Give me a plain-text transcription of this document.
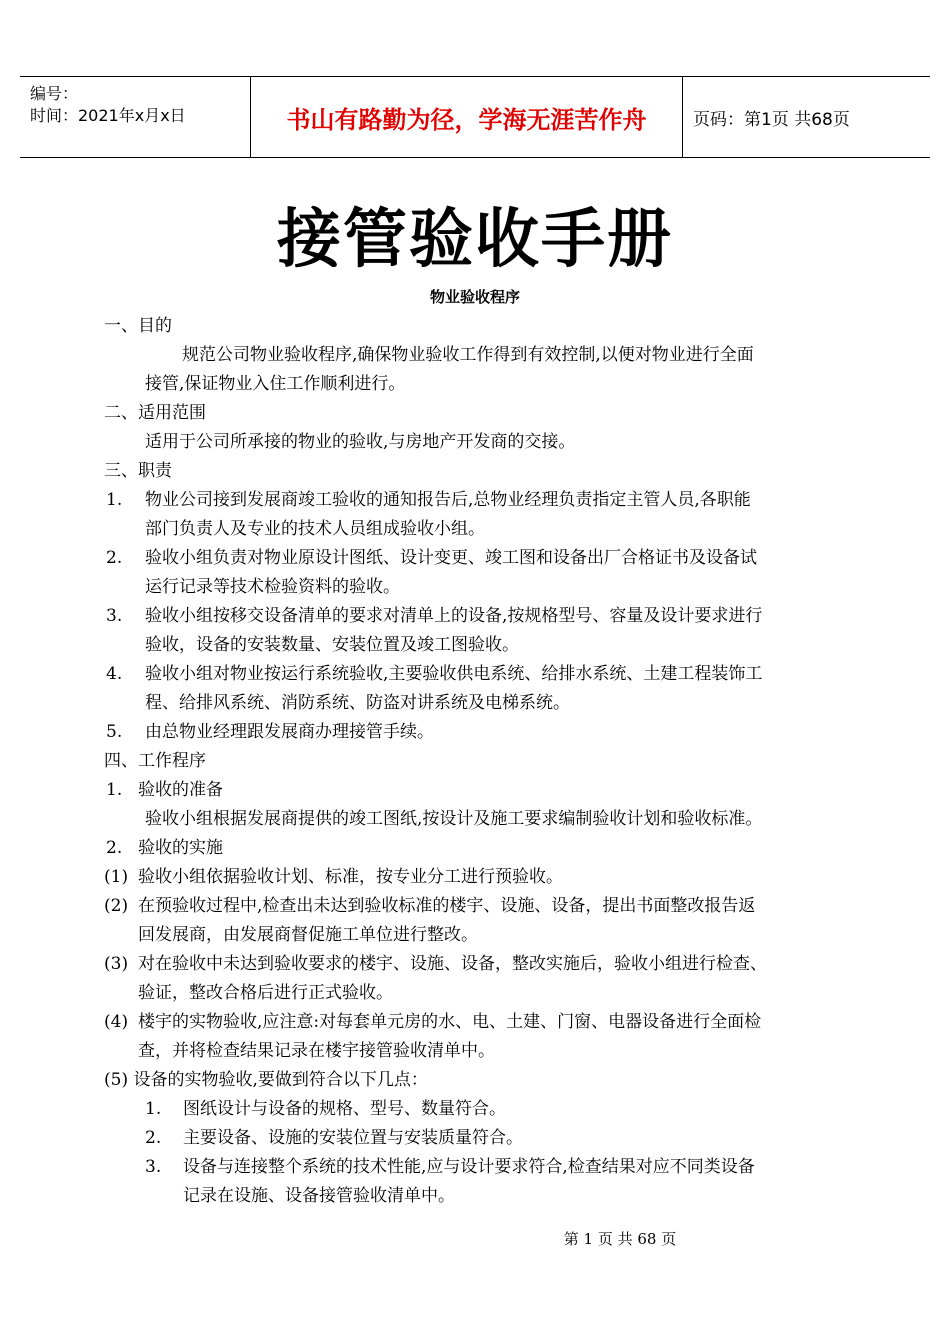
编号：
时间：2021年x月x日	书山有路勤为径，学海无涯苦作舟	页码：第1页 共68页
接管验收手册
物业验收程序
一、目的
规范公司物业验收程序,确保物业验收工作得到有效控制,以便对物业进行全面
接管,保证物业入住工作顺利进行。
二、适用范围
适用于公司所承接的物业的验收,与房地产开发商的交接。
三、职责
1. 物业公司接到发展商竣工验收的通知报告后,总物业经理负责指定主管人员,各职能
部门负责人及专业的技术人员组成验收小组。
2. 验收小组负责对物业原设计图纸、设计变更、竣工图和设备出厂合格证书及设备试
运行记录等技术检验资料的验收。
3. 验收小组按移交设备清单的要求对清单上的设备,按规格型号、容量及设计要求进行
验收，设备的安装数量、安装位置及竣工图验收。
4. 验收小组对物业按运行系统验收,主要验收供电系统、给排水系统、土建工程装饰工
程、给排风系统、消防系统、防盗对讲系统及电梯系统。
5. 由总物业经理跟发展商办理接管手续。
四、工作程序
1. 验收的准备
验收小组根据发展商提供的竣工图纸,按设计及施工要求编制验收计划和验收标准。
2. 验收的实施
(1) 验收小组依据验收计划、标准，按专业分工进行预验收。
(2) 在预验收过程中,检查出未达到验收标准的楼宇、设施、设备，提出书面整改报告返
回发展商，由发展商督促施工单位进行整改。
(3) 对在验收中未达到验收要求的楼宇、设施、设备，整改实施后，验收小组进行检查、
验证，整改合格后进行正式验收。
(4) 楼宇的实物验收,应注意:对每套单元房的水、电、土建、门窗、电器设备进行全面检
查，并将检查结果记录在楼宇接管验收清单中。
(5) 设备的实物验收,要做到符合以下几点：
1. 图纸设计与设备的规格、型号、数量符合。
2. 主要设备、设施的安装位置与安装质量符合。
3. 设备与连接整个系统的技术性能,应与设计要求符合,检查结果对应不同类设备
记录在设施、设备接管验收清单中。
第 1 页 共 68 页
